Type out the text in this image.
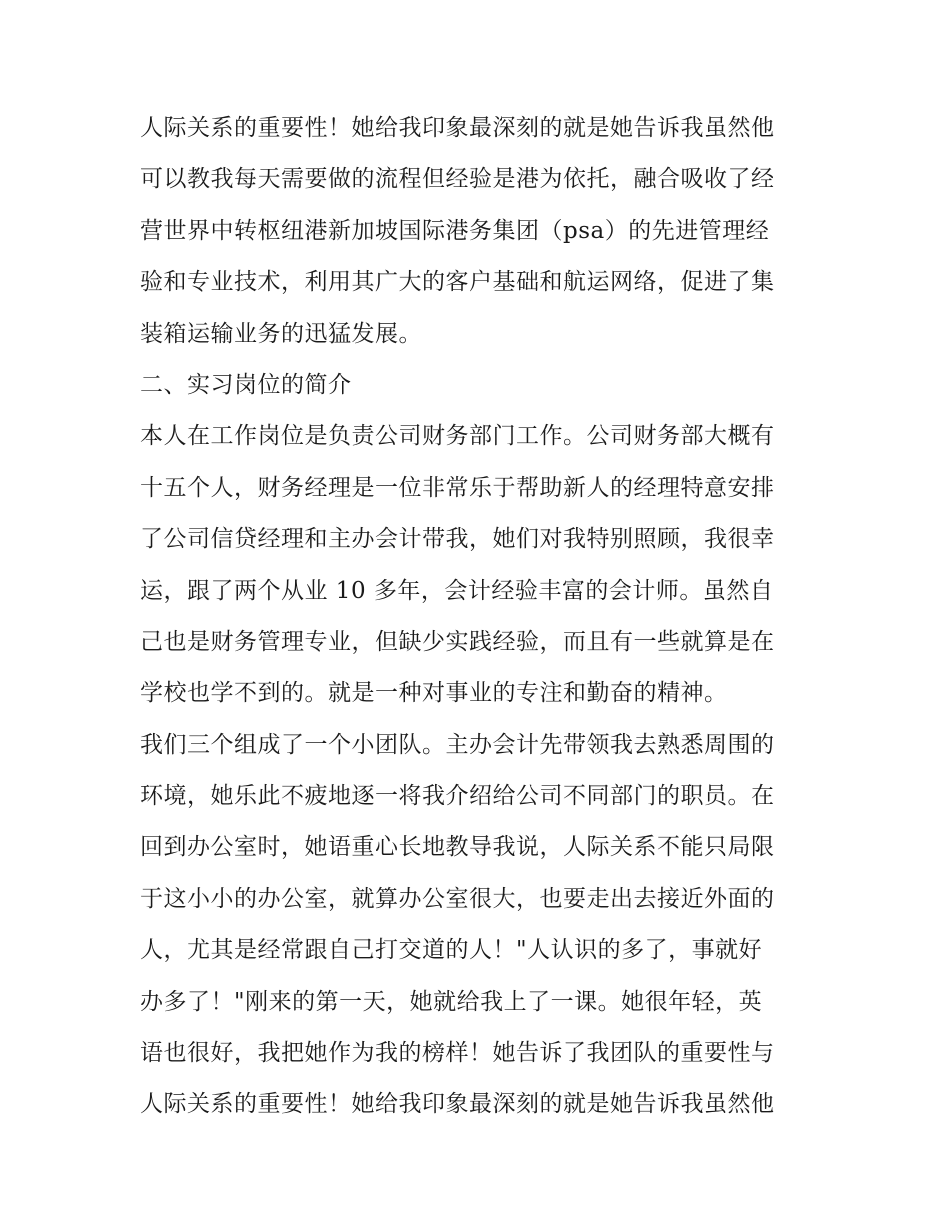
人际关系的重要性！她给我印象最深刻的就是她告诉我虽然他
可以教我每天需要做的流程但经验是港为依托，融合吸收了经
营世界中转枢纽港新加坡国际港务集团（psa）的先进管理经
验和专业技术，利用其广大的客户基础和航运网络，促进了集
装箱运输业务的迅猛发展。
二、实习岗位的简介
本人在工作岗位是负责公司财务部门工作。公司财务部大概有
十五个人，财务经理是一位非常乐于帮助新人的经理特意安排
了公司信贷经理和主办会计带我，她们对我特别照顾，我很幸
运，跟了两个从业 10 多年，会计经验丰富的会计师。虽然自
己也是财务管理专业，但缺少实践经验，而且有一些就算是在
学校也学不到的。就是一种对事业的专注和勤奋的精神。
我们三个组成了一个小团队。主办会计先带领我去熟悉周围的
环境，她乐此不疲地逐一将我介绍给公司不同部门的职员。在
回到办公室时，她语重心长地教导我说，人际关系不能只局限
于这小小的办公室，就算办公室很大，也要走出去接近外面的
人，尤其是经常跟自己打交道的人！"人认识的多了，事就好
办多了！"刚来的第一天，她就给我上了一课。她很年轻，英
语也很好，我把她作为我的榜样！她告诉了我团队的重要性与
人际关系的重要性！她给我印象最深刻的就是她告诉我虽然他
